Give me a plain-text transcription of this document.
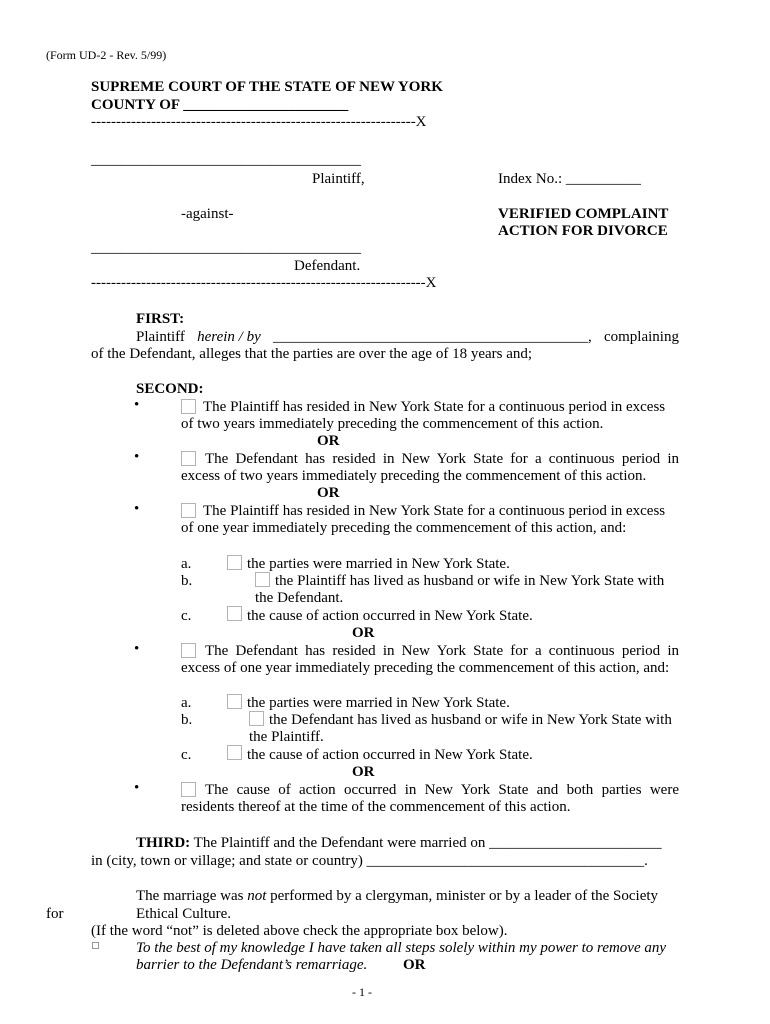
(Form UD-2 - Rev. 5/99)
SUPREME COURT OF THE STATE OF NEW YORK
COUNTY OF ______________________
-----------------------------------------------------------------X
____________________________________
Plaintiff,	Index No.: __________
-against-	VERIFIED COMPLAINT
ACTION FOR DIVORCE
____________________________________
Defendant.
-------------------------------------------------------------------X
FIRST:
Plaintiff herein / by __________________________________________, complaining
of the Defendant, alleges that the parties are over the age of 18 years and;
SECOND:
•	The Plaintiff has resided in New York State for a continuous period in excess
of two years immediately preceding the commencement of this action.
OR
•	The Defendant has resided in New York State for a continuous period in
excess of two years immediately preceding the commencement of this action.
OR
•	The Plaintiff has resided in New York State for a continuous period in excess
of one year immediately preceding the commencement of this action, and:
a.	the parties were married in New York State.
b.	the Plaintiff has lived as husband or wife in New York State with
the Defendant.
c.	the cause of action occurred in New York State.
OR
•	The Defendant has resided in New York State for a continuous period in
excess of one year immediately preceding the commencement of this action, and:
a.	the parties were married in New York State.
b.	the Defendant has lived as husband or wife in New York State with
the Plaintiff.
c.	the cause of action occurred in New York State.
OR
•	The cause of action occurred in New York State and both parties were
residents thereof at the time of the commencement of this action.
THIRD: The Plaintiff and the Defendant were married on _______________________
in (city, town or village; and state or country) _____________________________________.
The marriage was not performed by a clergyman, minister or by a leader of the Society
for	Ethical Culture.
(If the word “not” is deleted above check the appropriate box below).
To the best of my knowledge I have taken all steps solely within my power to remove any
barrier to the Defendant’s remarriage. OR
- 1 -
